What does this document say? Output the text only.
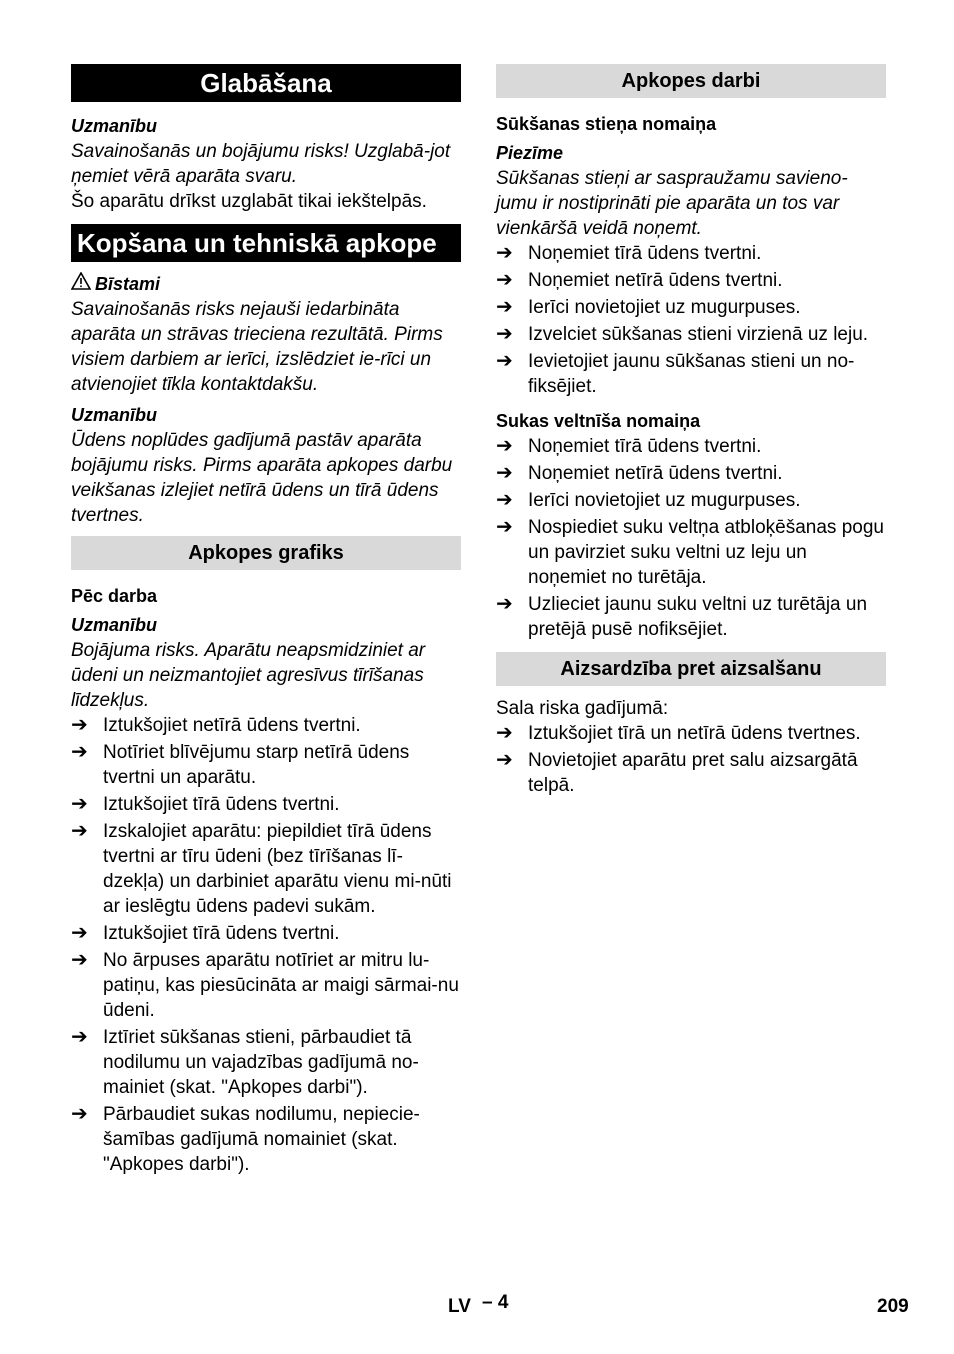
Glabāšana
Uzmanību
Savainošanās un bojājumu risks! Uzglabā-jot ņemiet vērā aparāta svaru.
Šo aparātu drīkst uzglabāt tikai iekštelpās.
Kopšana un tehniskā apkope
Bīstami
Savainošanās risks nejauši iedarbināta aparāta un strāvas trieciena rezultātā. Pirms visiem darbiem ar ierīci, izslēdziet ie-rīci un atvienojiet tīkla kontaktdakšu.
Uzmanību
Ūdens noplūdes gadījumā pastāv aparāta bojājumu risks. Pirms aparāta apkopes darbu veikšanas izlejiet netīrā ūdens un tīrā ūdens tvertnes.
Apkopes grafiks
Pēc darba
Uzmanību
Bojājuma risks. Aparātu neapsmidziniet ar ūdeni un neizmantojiet agresīvus tīrīšanas līdzekļus.
➔ Iztukšojiet netīrā ūdens tvertni.
➔ Notīriet blīvējumu starp netīrā ūdens tvertni un aparātu.
➔ Iztukšojiet tīrā ūdens tvertni.
➔ Izskalojiet aparātu: piepildiet tīrā ūdens tvertni ar tīru ūdeni (bez tīrīšanas lī-dzekļa) un darbiniet aparātu vienu mi-nūti ar ieslēgtu ūdens padevi sukām.
➔ Iztukšojiet tīrā ūdens tvertni.
➔ No ārpuses aparātu notīriet ar mitru lu-patiņu, kas piesūcināta ar maigi sārmai-nu ūdeni.
➔ Iztīriet sūkšanas stieni, pārbaudiet tā nodilumu un vajadzības gadījumā no-mainiet (skat. "Apkopes darbi").
➔ Pārbaudiet sukas nodilumu, nepiecie-šamības gadījumā nomainiet (skat. "Apkopes darbi").
Apkopes darbi
Sūkšanas stieņa nomaiņa
Piezīme
Sūkšanas stieņi ar saspraužamu savieno-jumu ir nostiprināti pie aparāta un tos var vienkāršā veidā noņemt.
➔ Noņemiet tīrā ūdens tvertni.
➔ Noņemiet netīrā ūdens tvertni.
➔ Ierīci novietojiet uz mugurpuses.
➔ Izvelciet sūkšanas stieni virzienā uz leju.
➔ Ievietojiet jaunu sūkšanas stieni un no-fiksējiet.
Sukas veltnīša nomaiņa
➔ Noņemiet tīrā ūdens tvertni.
➔ Noņemiet netīrā ūdens tvertni.
➔ Ierīci novietojiet uz mugurpuses.
➔ Nospiediet suku veltņa atbloķēšanas pogu un pavirziet suku veltni uz leju un noņemiet no turētāja.
➔ Uzlieciet jaunu suku veltni uz turētāja un pretējā pusē nofiksējiet.
Aizsardzība pret aizsalšanu
Sala riska gadījumā:
➔ Iztukšojiet tīrā un netīrā ūdens tvertnes.
➔ Novietojiet aparātu pret salu aizsargātā telpā.
LV – 4	209
